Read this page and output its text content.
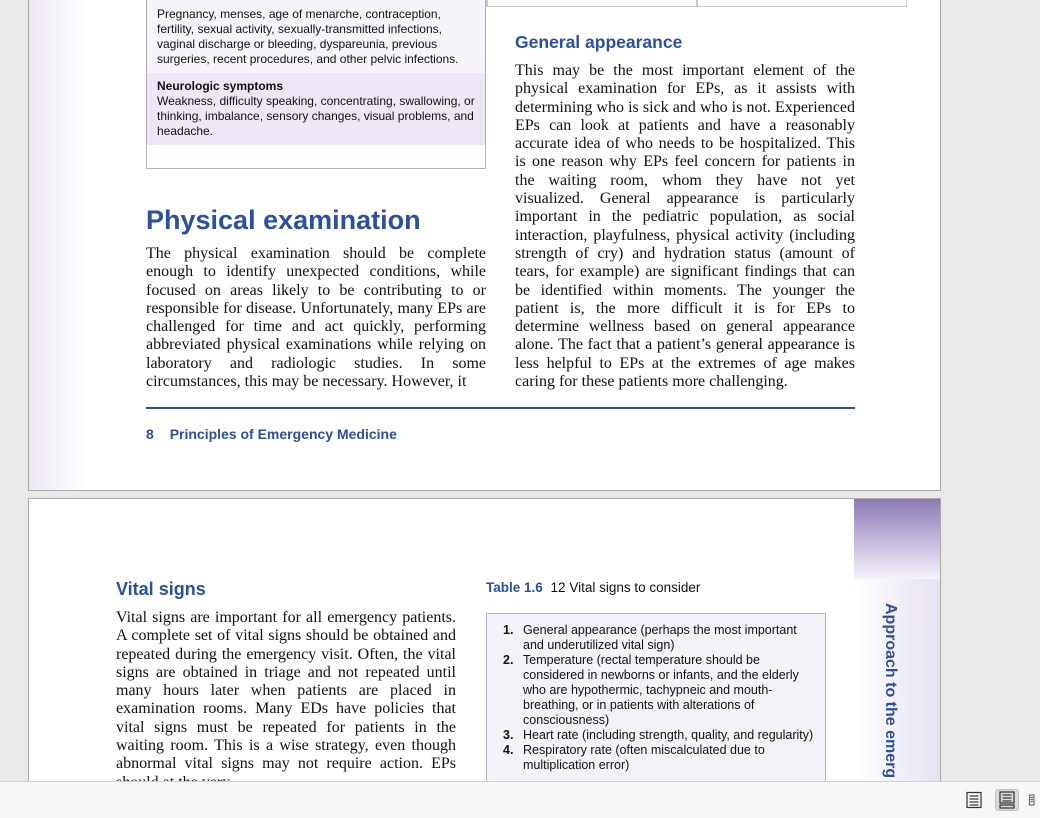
Pregnancy, menses, age of menarche, contraception, fertility, sexual activity, sexually-transmitted infections, vaginal discharge or bleeding, dyspareunia, previous surgeries, recent procedures, and other pelvic infections.
Neurologic symptoms
Weakness, difficulty speaking, concentrating, swallowing, or thinking, imbalance, sensory changes, visual problems, and headache.
Physical examination
The physical examination should be complete enough to identify unexpected conditions, while focused on areas likely to be contributing to or responsible for disease. Unfortunately, many EPs are challenged for time and act quickly, performing abbreviated physical examinations while relying on laboratory and radiologic studies. In some circumstances, this may be necessary. However, it
General appearance
This may be the most important element of the physical examination for EPs, as it assists with determining who is sick and who is not. Experienced EPs can look at patients and have a reasonably accurate idea of who needs to be hospitalized. This is one reason why EPs feel concern for patients in the waiting room, whom they have not yet visualized. General appearance is particularly important in the pediatric population, as social interaction, playfulness, physical activity (including strength of cry) and hydration status (amount of tears, for example) are significant findings that can be identified within moments. The younger the patient is, the more difficult it is for EPs to determine wellness based on general appearance alone. The fact that a patient’s general appearance is less helpful to EPs at the extremes of age makes caring for these patients more challenging.
8 Principles of Emergency Medicine
Vital signs
Vital signs are important for all emergency patients. A complete set of vital signs should be obtained and repeated during the emergency visit. Often, the vital signs are obtained in triage and not repeated until many hours later when patients are placed in examination rooms. Many EDs have policies that vital signs must be repeated for patients in the waiting room. This is a wise strategy, even though abnormal vital signs may not require action. EPs
Table 1.6 12 Vital signs to consider
1. General appearance (perhaps the most important and underutilized vital sign)
2. Temperature (rectal temperature should be considered in newborns or infants, and the elderly who are hypothermic, tachypneic and mouth-breathing, or in patients with alterations of consciousness)
3. Heart rate (including strength, quality, and regularity)
4. Respiratory rate (often miscalculated due to multiplication error)	Approach to the emerg
